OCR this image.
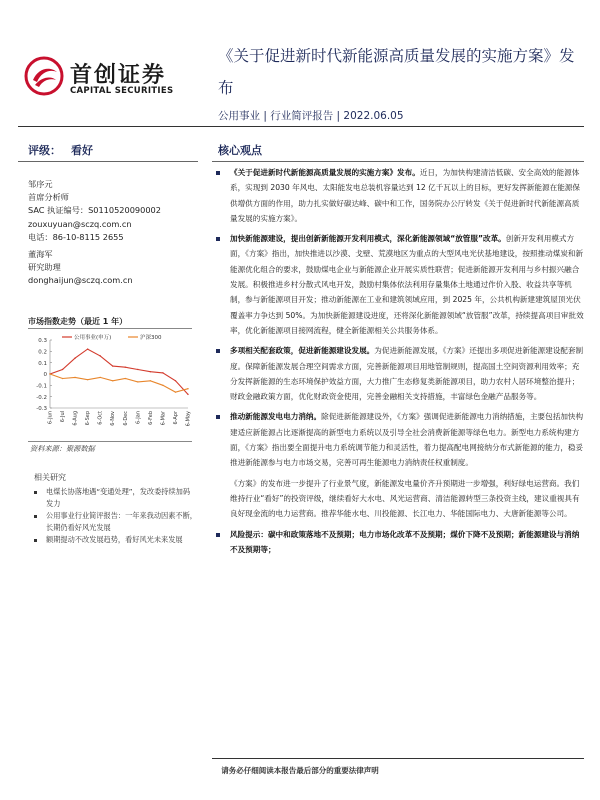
首创证券
CAPITAL SECURITIES
《关于促进新时代新能源高质量发展的实施方案》发布
公用事业 | 行业简评报告 | 2022.06.05
评级： 看好	核心观点
邹序元
首席分析师
SAC 执证编号：S0110520090002
zouxuyuan@sczq.com.cn
电话：86-10-8115 2655
董海军
研究助理
donghaijun@sczq.com.cn
市场指数走势（最近 1 年）
0.3
0.2
0.1
0
-0.1
-0.2
-0.3
6-Jun 6-Jul 6-Aug 6-Sep 6-Oct 6-Nov 6-Dec 6-Jan 6-Feb 6-Mar 6-Apr 6-May
公用事业(申万)	沪深300
资料来源：聚源数据
相关研究
电煤长协落地遇“变通处理”，发改委持续加码发力
公用事业行业简评报告：一年来我动因素不断，长期仍看好风光发展
额期提动不改发展趋势，看好风光未来发展
《关于促进新时代新能源高质量发展的实施方案》发布。近日，为加快构建清洁低碳、安全高效的能源体系，实现到 2030 年风电、太阳能发电总装机容量达到 12 亿千瓦以上的目标，更好发挥新能源在能源保供增供方面的作用，助力扎实做好碳达峰、碳中和工作，国务院办公厅转发《关于促进新时代新能源高质量发展的实施方案》。
加快新能源建设，提出创新新能源开发利用模式，深化新能源领域“放管服”改革。创新开发利用模式方面，《方案》指出，加快推进以沙漠、戈壁、荒漠地区为重点的大型风电光伏基地建设，按照推动煤炭和新能源优化组合的要求，鼓励煤电企业与新能源企业开展实质性联营；促进新能源开发利用与乡村振兴融合发展。积极推进乡村分散式风电开发，鼓励村集体依法利用存量集体土地通过作价入股、收益共享等机制，参与新能源项目开发；推动新能源在工业和建筑领域应用，到 2025 年，公共机构新建建筑屋顶光伏覆盖率力争达到 50%。为加快新能源建设进度，还将深化新能源领域“放管服”改革，持续提高项目审批效率，优化新能源项目接网流程，健全新能源相关公共服务体系。
多项相关配套政策，促进新能源建设发展。为促进新能源发展，《方案》还提出多项促进新能源建设配套制度。保障新能源发展合理空间需求方面，完善新能源项目用地管制规则，提高国土空间资源利用效率；充分发挥新能源的生态环境保护效益方面，大力推广生态修复类新能源项目，助力农村人居环境整治提升；财政金融政策方面，优化财政资金使用，完善金融相关支持措施，丰富绿色金融产品服务等。
推动新能源发电电力消纳。除促进新能源建设外，《方案》强调促进新能源电力消纳措施，主要包括加快构建适应新能源占比逐渐提高的新型电力系统以及引导全社会消费新能源等绿色电力。新型电力系统构建方面，《方案》指出要全面提升电力系统调节能力和灵活性，着力提高配电网接纳分布式新能源的能力，稳妥推进新能源参与电力市场交易，完善可再生能源电力消纳责任权重制度。
《方案》的发布进一步提升了行业景气度，新能源发电量价齐升预期进一步增强，利好绿电运营商。我们维持行业“看好”的投资评级，继续看好大水电、风光运营商、清洁能源转型三条投资主线，建议重视具有良好现金流的电力运营商。推荐华能水电、川投能源、长江电力、华能国际电力、大唐新能源等公司。
风险提示：碳中和政策落地不及预期；电力市场化改革不及预期；煤价下降不及预期；新能源建设与消纳不及预期等；
请务必仔细阅读本报告最后部分的重要法律声明
